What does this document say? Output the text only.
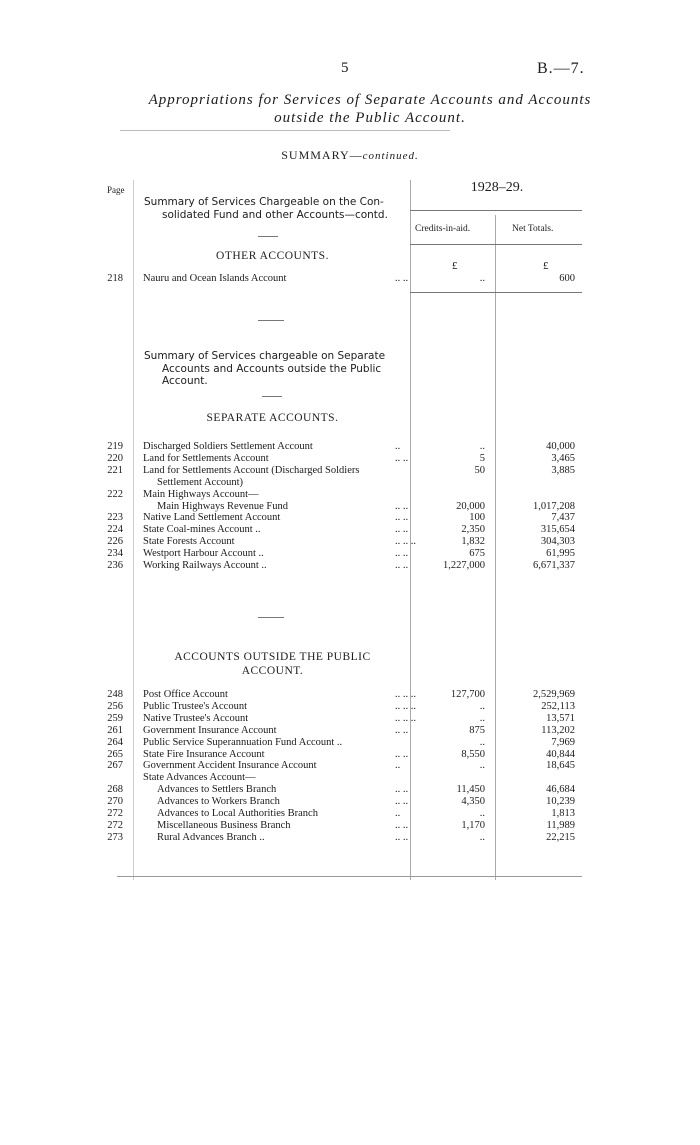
5	B.—7.
Appropriations for Services of Separate Accounts and Accounts
outside the Public Account.
SUMMARY—continued.
Page	1928–29.
Credits-in-aid.	Net Totals.
£	£
Summary of Services Chargeable on the Con-
solidated Fund and other Accounts—contd.
OTHER ACCOUNTS.
218 Nauru and Ocean Islands Account	.. ..	..	600
Summary of Services chargeable on Separate
Accounts and Accounts outside the Public
Account.
SEPARATE ACCOUNTS.
219 Discharged Soldiers Settlement Account	..	..	40,000
220 Land for Settlements Account	.. ..	5	3,465
221 Land for Settlements Account (Discharged Soldiers	50	3,885
Settlement Account)
222 Main Highways Account—
Main Highways Revenue Fund	.. ..	20,000	1,017,208
223 Native Land Settlement Account	.. ..	100	7,437
224 State Coal-mines Account ..	.. ..	2,350	315,654
226 State Forests Account	.. .. ..	1,832	304,303
234 Westport Harbour Account ..	.. ..	675	61,995
236 Working Railways Account ..	.. ..	1,227,000	6,671,337
ACCOUNTS OUTSIDE THE PUBLIC
ACCOUNT.
248 Post Office Account	.. .. ..	127,700	2,529,969
256 Public Trustee's Account	.. .. ..	..	252,113
259 Native Trustee's Account	.. .. ..	..	13,571
261 Government Insurance Account	.. ..	875	113,202
264 Public Service Superannuation Fund Account ..	..	7,969
265 State Fire Insurance Account	.. ..	8,550	40,844
267 Government Accident Insurance Account	..	..	18,645
State Advances Account—
268	Advances to Settlers Branch	.. ..	11,450	46,684
270	Advances to Workers Branch	.. ..	4,350	10,239
272	Advances to Local Authorities Branch	..	..	1,813
272	Miscellaneous Business Branch	.. ..	1,170	11,989
273	Rural Advances Branch ..	.. ..	..	22,215
